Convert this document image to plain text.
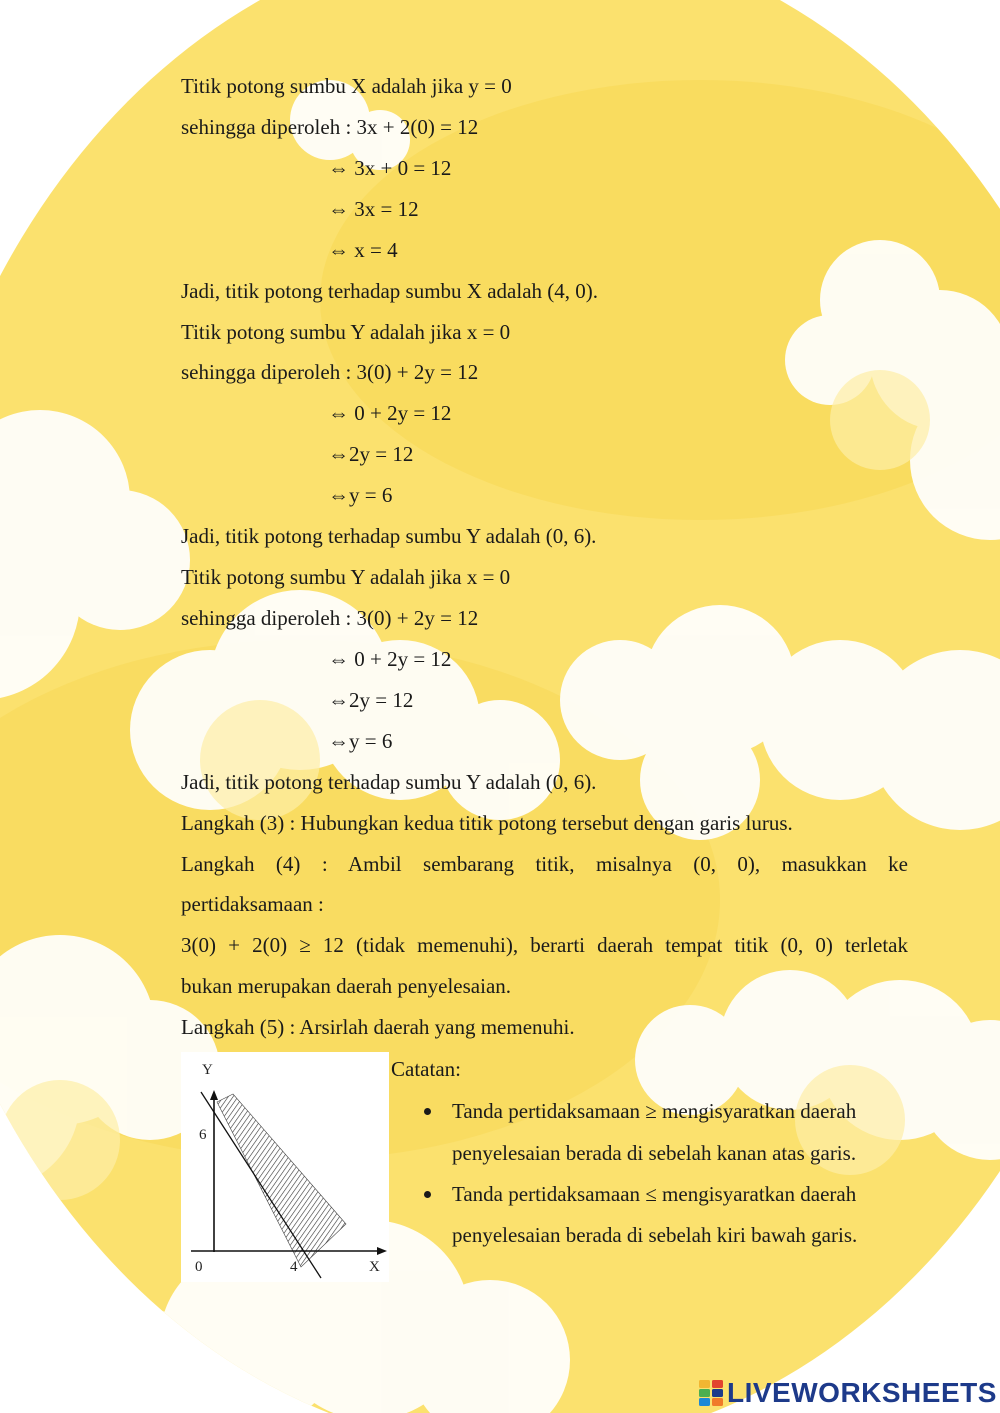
Titik potong sumbu X adalah jika y = 0
sehingga diperoleh : 3x + 2(0) = 12
⇔ 3x + 0 = 12
⇔ 3x = 12
⇔ x = 4
Jadi, titik potong terhadap sumbu X adalah (4, 0).
Titik potong sumbu Y adalah jika x = 0
sehingga diperoleh : 3(0) + 2y = 12
⇔ 0 + 2y = 12
⇔2y = 12
⇔y = 6
Jadi, titik potong terhadap sumbu Y adalah (0, 6).
Titik potong sumbu Y adalah jika x = 0
sehingga diperoleh : 3(0) + 2y = 12
⇔ 0 + 2y = 12
⇔2y = 12
⇔y = 6
Jadi, titik potong terhadap sumbu Y adalah (0, 6).
Langkah (3) : Hubungkan kedua titik potong tersebut dengan garis lurus.
Langkah (4) : Ambil sembarang titik, misalnya (0, 0), masukkan ke
pertidaksamaan :
3(0) + 2(0) ≥ 12 (tidak memenuhi), berarti daerah tempat titik (0, 0) terletak
bukan merupakan daerah penyelesaian.
Langkah (5) : Arsirlah daerah yang memenuhi.
Y
X
0
6
4
Catatan:
Tanda pertidaksamaan ≥ mengisyaratkan daerah
penyelesaian berada di sebelah kanan atas garis.
Tanda pertidaksamaan ≤ mengisyaratkan daerah
penyelesaian berada di sebelah kiri bawah garis.
LIVEWORKSHEETS
